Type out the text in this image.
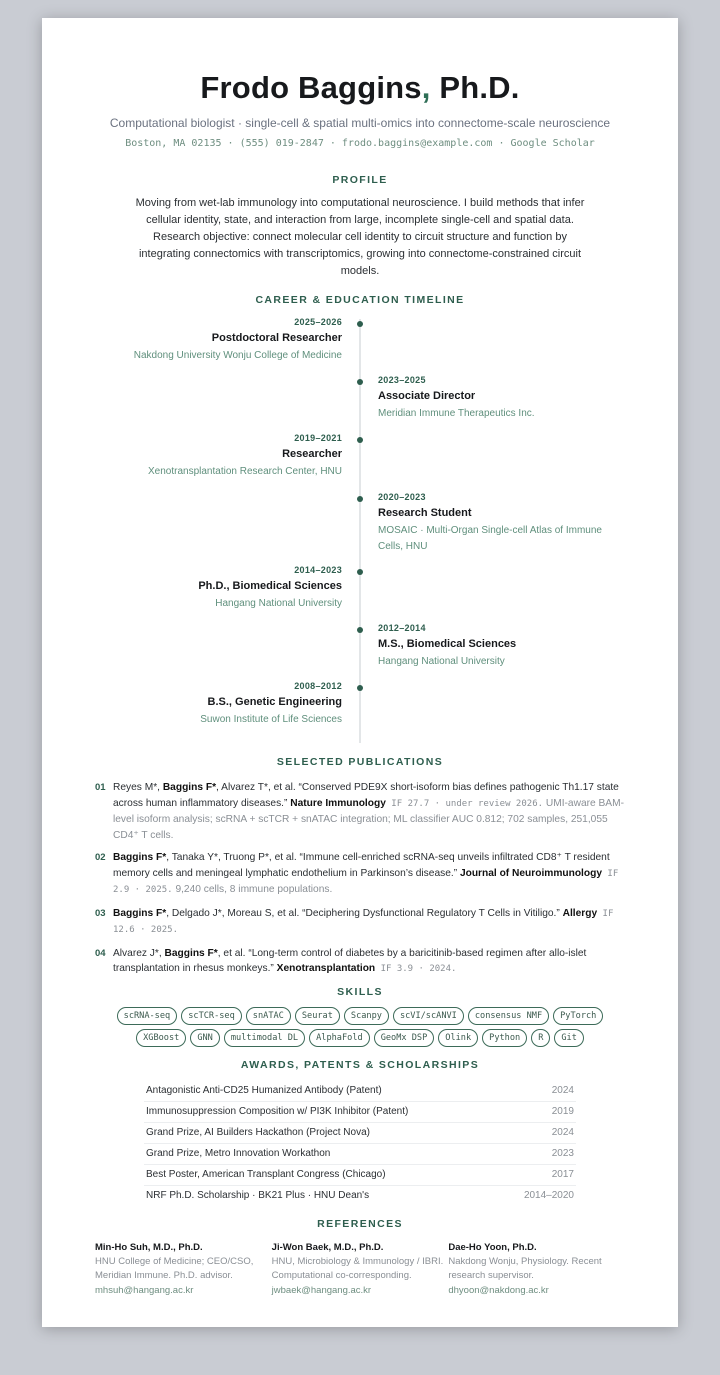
Frodo Baggins, Ph.D.
Computational biologist · single-cell & spatial multi-omics into connectome-scale neuroscience
Boston, MA 02135 · (555) 019-2847 · frodo.baggins@example.com · Google Scholar
PROFILE
Moving from wet-lab immunology into computational neuroscience. I build methods that infer cellular identity, state, and interaction from large, incomplete single-cell and spatial data. Research objective: connect molecular cell identity to circuit structure and function by integrating connectomics with transcriptomics, growing into connectome-constrained circuit models.
CAREER & EDUCATION TIMELINE
2025–2026
Postdoctoral Researcher
Nakdong University Wonju College of Medicine
2023–2025
Associate Director
Meridian Immune Therapeutics Inc.
2019–2021
Researcher
Xenotransplantation Research Center, HNU
2020–2023
Research Student
MOSAIC · Multi-Organ Single-cell Atlas of Immune Cells, HNU
2014–2023
Ph.D., Biomedical Sciences
Hangang National University
2012–2014
M.S., Biomedical Sciences
Hangang National University
2008–2012
B.S., Genetic Engineering
Suwon Institute of Life Sciences
SELECTED PUBLICATIONS
01 Reyes M*, Baggins F*, Alvarez T*, et al. “Conserved PDE9X short-isoform bias defines pathogenic Th1.17 state across human inflammatory diseases.” Nature Immunology IF 27.7 · under review 2026. UMI-aware BAM-level isoform analysis; scRNA + scTCR + snATAC integration; ML classifier AUC 0.812; 702 samples, 251,055 CD4⁺ T cells.
02 Baggins F*, Tanaka Y*, Truong P*, et al. “Immune cell-enriched scRNA-seq unveils infiltrated CD8⁺ T resident memory cells and meningeal lymphatic endothelium in Parkinson’s disease.” Journal of Neuroimmunology IF 2.9 · 2025. 9,240 cells, 8 immune populations.
03 Baggins F*, Delgado J*, Moreau S, et al. “Deciphering Dysfunctional Regulatory T Cells in Vitiligo.” Allergy IF 12.6 · 2025.
04 Alvarez J*, Baggins F*, et al. “Long-term control of diabetes by a baricitinib-based regimen after allo-islet transplantation in rhesus monkeys.” Xenotransplantation IF 3.9 · 2024.
SKILLS
scRNA-seq	scTCR-seq	snATAC	Seurat	Scanpy	scVI/scANVI	consensus NMF	PyTorch
XGBoost	GNN	multimodal DL	AlphaFold	GeoMx DSP	Olink	Python	R	Git
AWARDS, PATENTS & SCHOLARSHIPS
Antagonistic Anti-CD25 Humanized Antibody (Patent)	2024
Immunosuppression Composition w/ PI3K Inhibitor (Patent)	2019
Grand Prize, AI Builders Hackathon (Project Nova)	2024
Grand Prize, Metro Innovation Workathon	2023
Best Poster, American Transplant Congress (Chicago)	2017
NRF Ph.D. Scholarship · BK21 Plus · HNU Dean's	2014–2020
REFERENCES
Min-Ho Suh, M.D., Ph.D.
HNU College of Medicine; CEO/CSO, Meridian Immune. Ph.D. advisor.
mhsuh@hangang.ac.kr
Ji-Won Baek, M.D., Ph.D.
HNU, Microbiology & Immunology / IBRI. Computational co-corresponding.
jwbaek@hangang.ac.kr
Dae-Ho Yoon, Ph.D.
Nakdong Wonju, Physiology. Recent research supervisor.
dhyoon@nakdong.ac.kr
